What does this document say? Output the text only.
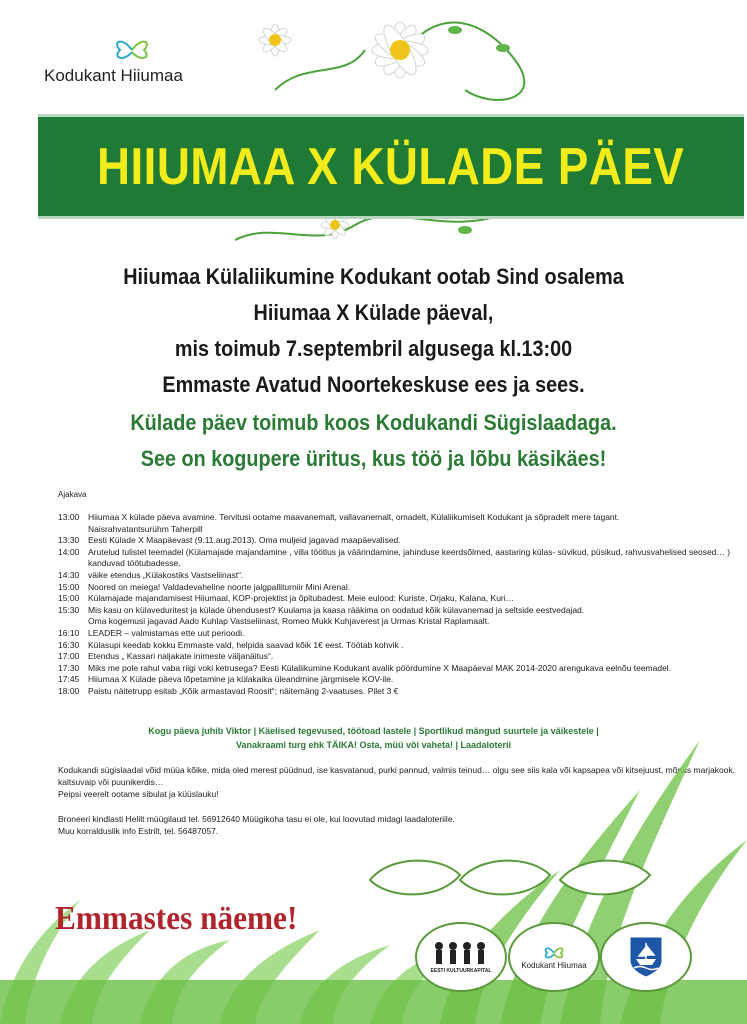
Kodukant Hiiumaa
HIIUMAA X KÜLADE PÄEV
Hiiumaa Külaliikumine Kodukant ootab Sind osalema
Hiiumaa X Külade päeval,
mis toimub 7.septembril algusega kl.13:00
Emmaste Avatud Noortekeskuse ees ja sees.
Külade päev toimub koos Kodukandi Sügislaadaga.
See on kogupere üritus, kus töö ja lõbu käsikäes!
Ajakava
13:00	Hiiumaa X külade päeva avamine. Tervitusi ootame maavanemalt, vallavanemalt, omadelt, Külaliikumiselt Kodukant ja sõpradelt mere tagant.
Naisrahvatantsurühm Taherpill
13:30	Eesti Külade X Maapäevast (9.11.aug.2013). Oma muljeid jagavad maapäevalised.
14:00	Arutelud tulistel teemadel (Külamajade majandamine , villa töötlus ja väärindamine, jahinduse keerdsõlmed, aastaring külas- süvikud, püsikud, rahvusvahelised seosed… )
kanduvad töötubadesse.
14:30	väike etendus „Külakostiks Vastseliinast“.
15:00	Noored on meiega! Valdadevaheline noorte jalgpalliturniir Mini Arenal.
15:00	Külamajade majandamisest Hiiumaal, KOP-projektist ja õpitubadest. Meie eulood: Kuriste, Orjaku, Kalana, Kuri…
15:30	Mis kasu on külaveduritest ja külade ühendusest? Kuulama ja kaasa rääkima on oodatud kõik külavanemad ja seltside eestvedajad.
Oma kogemusi jagavad Aado Kuhlap Vastseliinast, Romeo Mukk Kuhjaverest ja Urmas Kristal Raplamaalt.
16:10	LEADER – valmistamas ette uut perioodi.
16:30	Külasupi keedab kokku Emmaste vald, helpida saavad kõik 1€ eest. Töötab kohvik .
17:00	Etendus „ Kassari naljakate inimeste väljanäitus“.
17:30	Miks me pole rahul vaba riigi voki ketrusega? Eesti Külaliikumine Kodukant avalik pöördumine X Maapäeval MAK 2014-2020 arengukava eelnõu teemadel.
17:45	Hiiumaa X Külade päeva lõpetamine ja külakaika üleandmine järgmisele KOV-ile.
18:00	Paistu näitetrupp esitab „Kõik armastavad Roosit“; näitemäng 2-vaatuses. Pilet 3 €
Kogu päeva juhib Viktor | Käelised tegevused, töötoad lastele | Sportlikud mängud suurtele ja väikestele |
Vanakraami turg ehk TÄIKA! Osta, müü või vaheta! | Laadaloterii
Kodukandi sügislaadal võid müüa kõike, mida oled merest püüdnud, ise kasvatanud, purki pannud, valmis teinud… olgu see siis kala või kapsapea või kitsejuust, mõnus marjakook,
kaltsuvaip või puunikerdis…
Peipsi veerelt ootame sibulat ja küüslauku!
Broneeri kindlasti Helilt müügilaud tel. 56912640 Müügikoha tasu ei ole, kui loovutad midagi laadaloteriile.
Muu korralduslik info Estrilt, tel. 56487057.
Emmastes näeme!
EESTI KULTUURKAPITAL
Kodukant Hiiumaa
